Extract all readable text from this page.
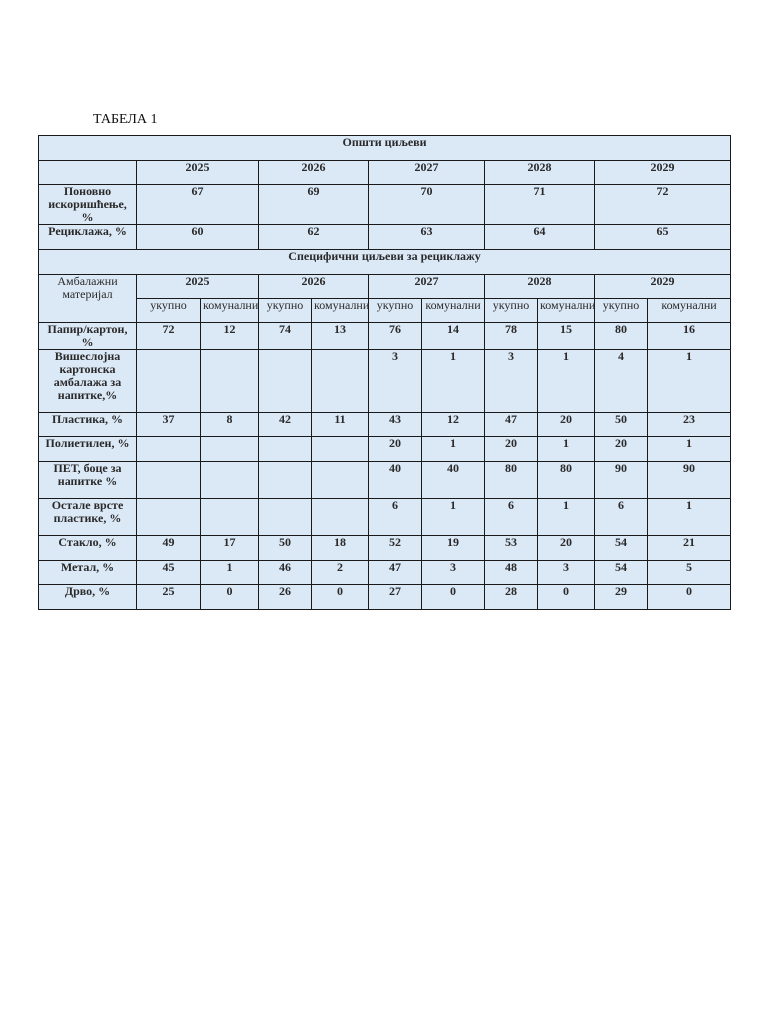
ТАБЕЛА 1
Општи циљеви										
	2025		2026		2027		2028		2029	
Поновно искоришћење, %	67		69		70		71		72	
Рециклажа, %	60		62		63		64		65	
Специфични циљеви за рециклажу										
Амбалажни материјал	2025		2026		2027		2028		2029	
	укупно	комунални	укупно	комунални	укупно	комунални	укупно	комунални	укупно	комунални
Папир/картон, %	72	12	74	13	76	14	78	15	80	16
Вишеслојна картонска амбалажа за напитке,%					3	1	3	1	4	1
Пластика, %	37	8	42	11	43	12	47	20	50	23
Полиетилен, %					20	1	20	1	20	1
ПЕТ, боце за напитке %					40	40	80	80	90	90
Остале врсте пластике, %					6	1	6	1	6	1
Стакло, %	49	17	50	18	52	19	53	20	54	21
Метал, %	45	1	46	2	47	3	48	3	54	5
Дрво, %	25	0	26	0	27	0	28	0	29	0
